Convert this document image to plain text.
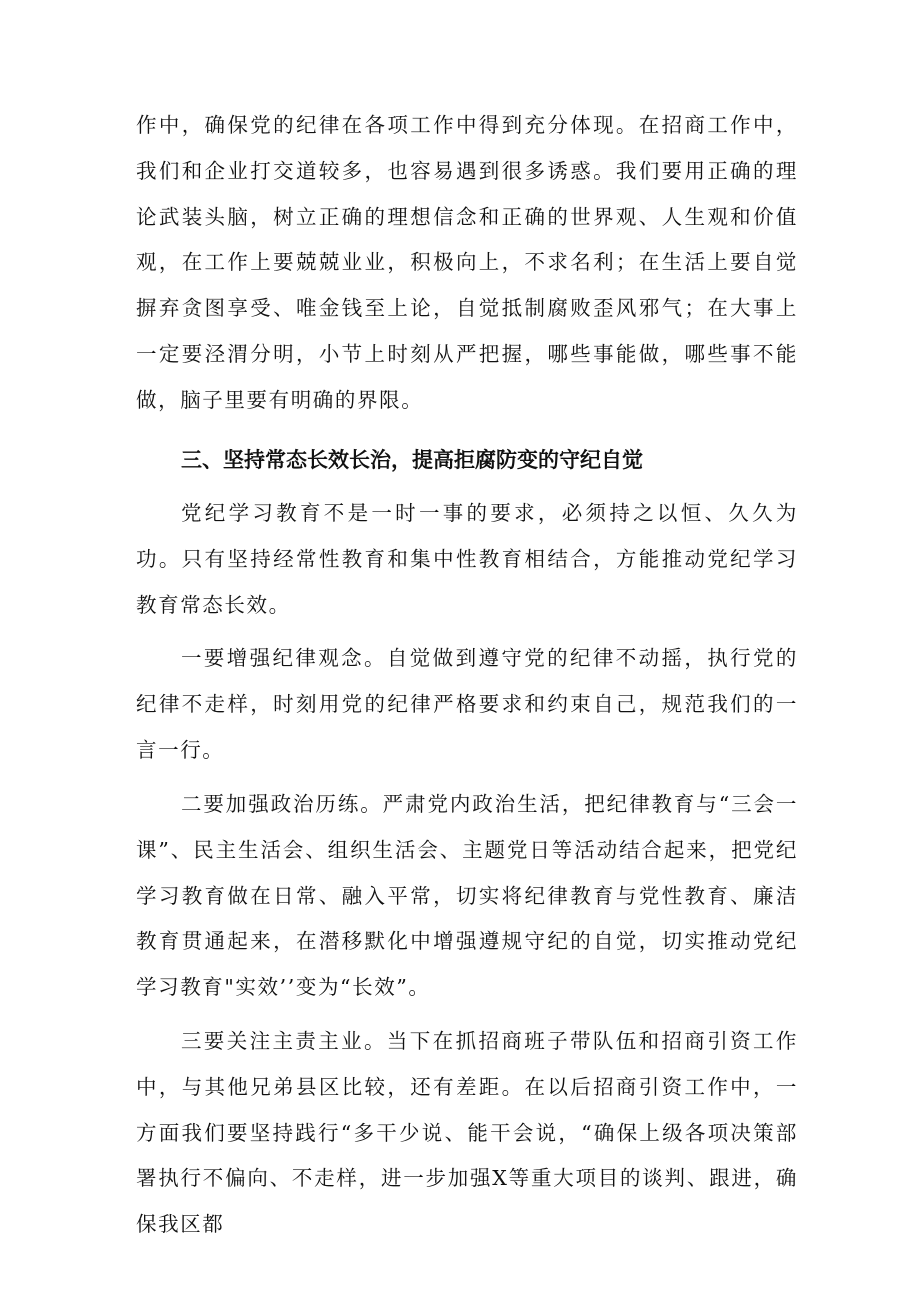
作中，确保党的纪律在各项工作中得到充分体现。在招商工作中，我们和企业打交道较多，也容易遇到很多诱惑。我们要用正确的理论武装头脑，树立正确的理想信念和正确的世界观、人生观和价值观，在工作上要兢兢业业，积极向上，不求名利；在生活上要自觉摒弃贪图享受、唯金钱至上论，自觉抵制腐败歪风邪气；在大事上一定要泾渭分明，小节上时刻从严把握，哪些事能做，哪些事不能做，脑子里要有明确的界限。

三、坚持常态长效长治，提高拒腐防变的守纪自觉

党纪学习教育不是一时一事的要求，必须持之以恒、久久为功。只有坚持经常性教育和集中性教育相结合，方能推动党纪学习教育常态长效。

一要增强纪律观念。自觉做到遵守党的纪律不动摇，执行党的纪律不走样，时刻用党的纪律严格要求和约束自己，规范我们的一言一行。

二要加强政治历练。严肃党内政治生活，把纪律教育与“三会一课”、民主生活会、组织生活会、主题党日等活动结合起来，把党纪学习教育做在日常、融入平常，切实将纪律教育与党性教育、廉洁教育贯通起来，在潜移默化中增强遵规守纪的自觉，切实推动党纪学习教育"实效’’变为“长效”。

三要关注主责主业。当下在抓招商班子带队伍和招商引资工作中，与其他兄弟县区比较，还有差距。在以后招商引资工作中，一方面我们要坚持践行“多干少说、能干会说，“确保上级各项决策部署执行不偏向、不走样，进一步加强X等重大项目的谈判、跟进，确保我区都
